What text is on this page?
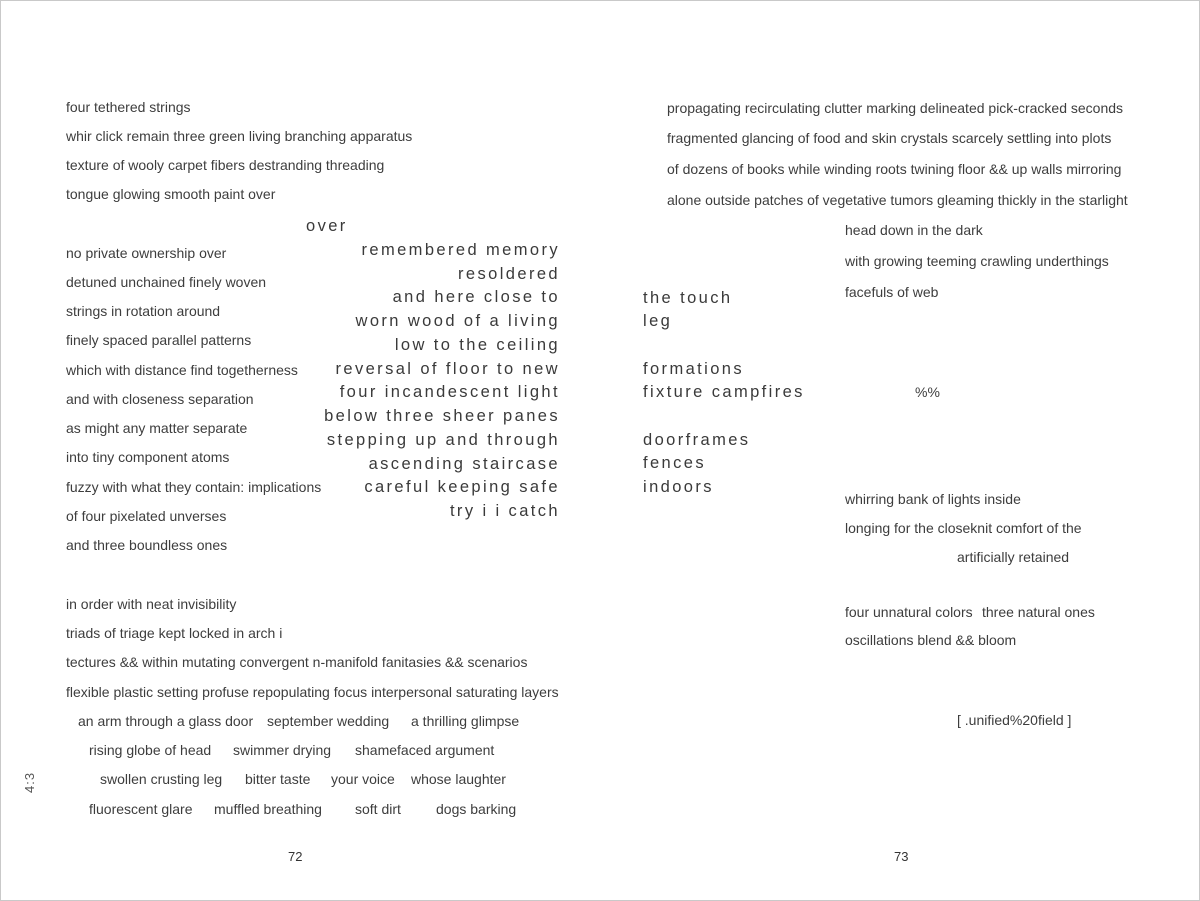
four tethered strings
whir click remain three green living branching apparatus
texture of wooly carpet fibers destranding threading
tongue glowing smooth paint over
over
no private ownership over
detuned unchained finely woven
strings in rotation around
finely spaced parallel patterns
which with distance find togetherness
and with closeness separation
as might any matter separate
into tiny component atoms
fuzzy with what they contain: implications
of four pixelated unverses
and three boundless ones
remembered memory
resoldered
and here close to
worn wood of a living
low to the ceiling
reversal of floor to new
four incandescent light
below three sheer panes
stepping up and through
ascending staircase
careful keeping safe
try i i catch
in order with neat invisibility
triads of triage kept locked in arch i
tectures && within mutating convergent n-manifold fanitasies && scenarios
flexible plastic setting profuse repopulating focus interpersonal saturating layers
an arm through a glass door september wedding a thrilling glimpse
rising globe of head swimmer drying shamefaced argument
swollen crusting leg bitter taste your voice whose laughter
fluorescent glare muffled breathing soft dirt	dogs barking
72
4:3
propagating recirculating clutter marking delineated pick-cracked seconds
fragmented glancing of food and skin crystals scarcely settling into plots
of dozens of books while winding roots twining floor && up walls mirroring
alone outside patches of vegetative tumors gleaming thickly in the starlight
head down in the dark
with growing teeming crawling underthings
facefuls of web
the touch
leg
formations
fixture campfires
doorframes
fences
indoors
%%
whirring bank of lights inside
longing for the closeknit comfort of the
artificially retained
four unnatural colors three natural ones
oscillations blend && bloom
[ .unified%20field ]
73
